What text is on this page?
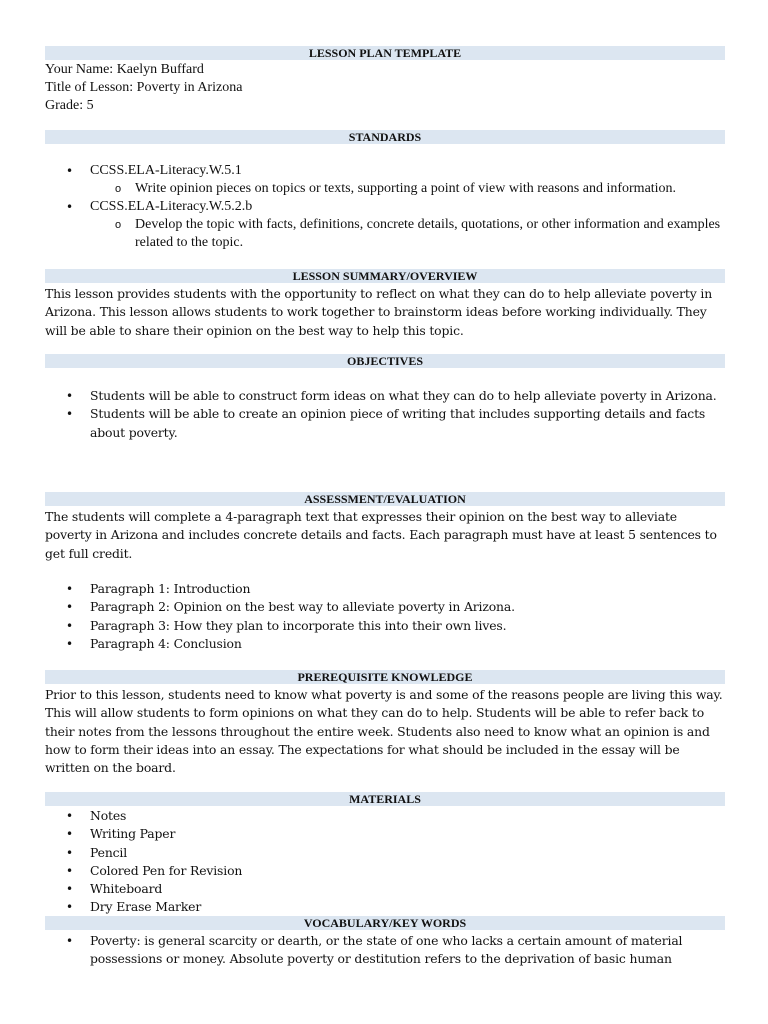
LESSON PLAN TEMPLATE
Your Name: Kaelyn Buffard
Title of Lesson: Poverty in Arizona
Grade: 5
STANDARDS
• CCSS.ELA-Literacy.W.5.1
o Write opinion pieces on topics or texts, supporting a point of view with reasons and information.
• CCSS.ELA-Literacy.W.5.2.b
o Develop the topic with facts, definitions, concrete details, quotations, or other information and examples related to the topic.
LESSON SUMMARY/OVERVIEW

This lesson provides students with the opportunity to reflect on what they can do to help alleviate poverty in Arizona. This lesson allows students to work together to brainstorm ideas before working individually. They will be able to share their opinion on the best way to help this topic.

OBJECTIVES
• Students will be able to construct form ideas on what they can do to help alleviate poverty in Arizona.
• Students will be able to create an opinion piece of writing that includes supporting details and facts about poverty.
ASSESSMENT/EVALUATION

The students will complete a 4-paragraph text that expresses their opinion on the best way to alleviate poverty in Arizona and includes concrete details and facts. Each paragraph must have at least 5 sentences to get full credit.

• Paragraph 1: Introduction
• Paragraph 2: Opinion on the best way to alleviate poverty in Arizona.
• Paragraph 3: How they plan to incorporate this into their own lives.
• Paragraph 4: Conclusion
PREREQUISITE KNOWLEDGE

Prior to this lesson, students need to know what poverty is and some of the reasons people are living this way. This will allow students to form opinions on what they can do to help. Students will be able to refer back to their notes from the lessons throughout the entire week. Students also need to know what an opinion is and how to form their ideas into an essay. The expectations for what should be included in the essay will be written on the board.

MATERIALS
• Notes
• Writing Paper
• Pencil
• Colored Pen for Revision
• Whiteboard
• Dry Erase Marker
VOCABULARY/KEY WORDS
• Poverty: is general scarcity or dearth, or the state of one who lacks a certain amount of material possessions or money. Absolute poverty or destitution refers to the deprivation of basic human
